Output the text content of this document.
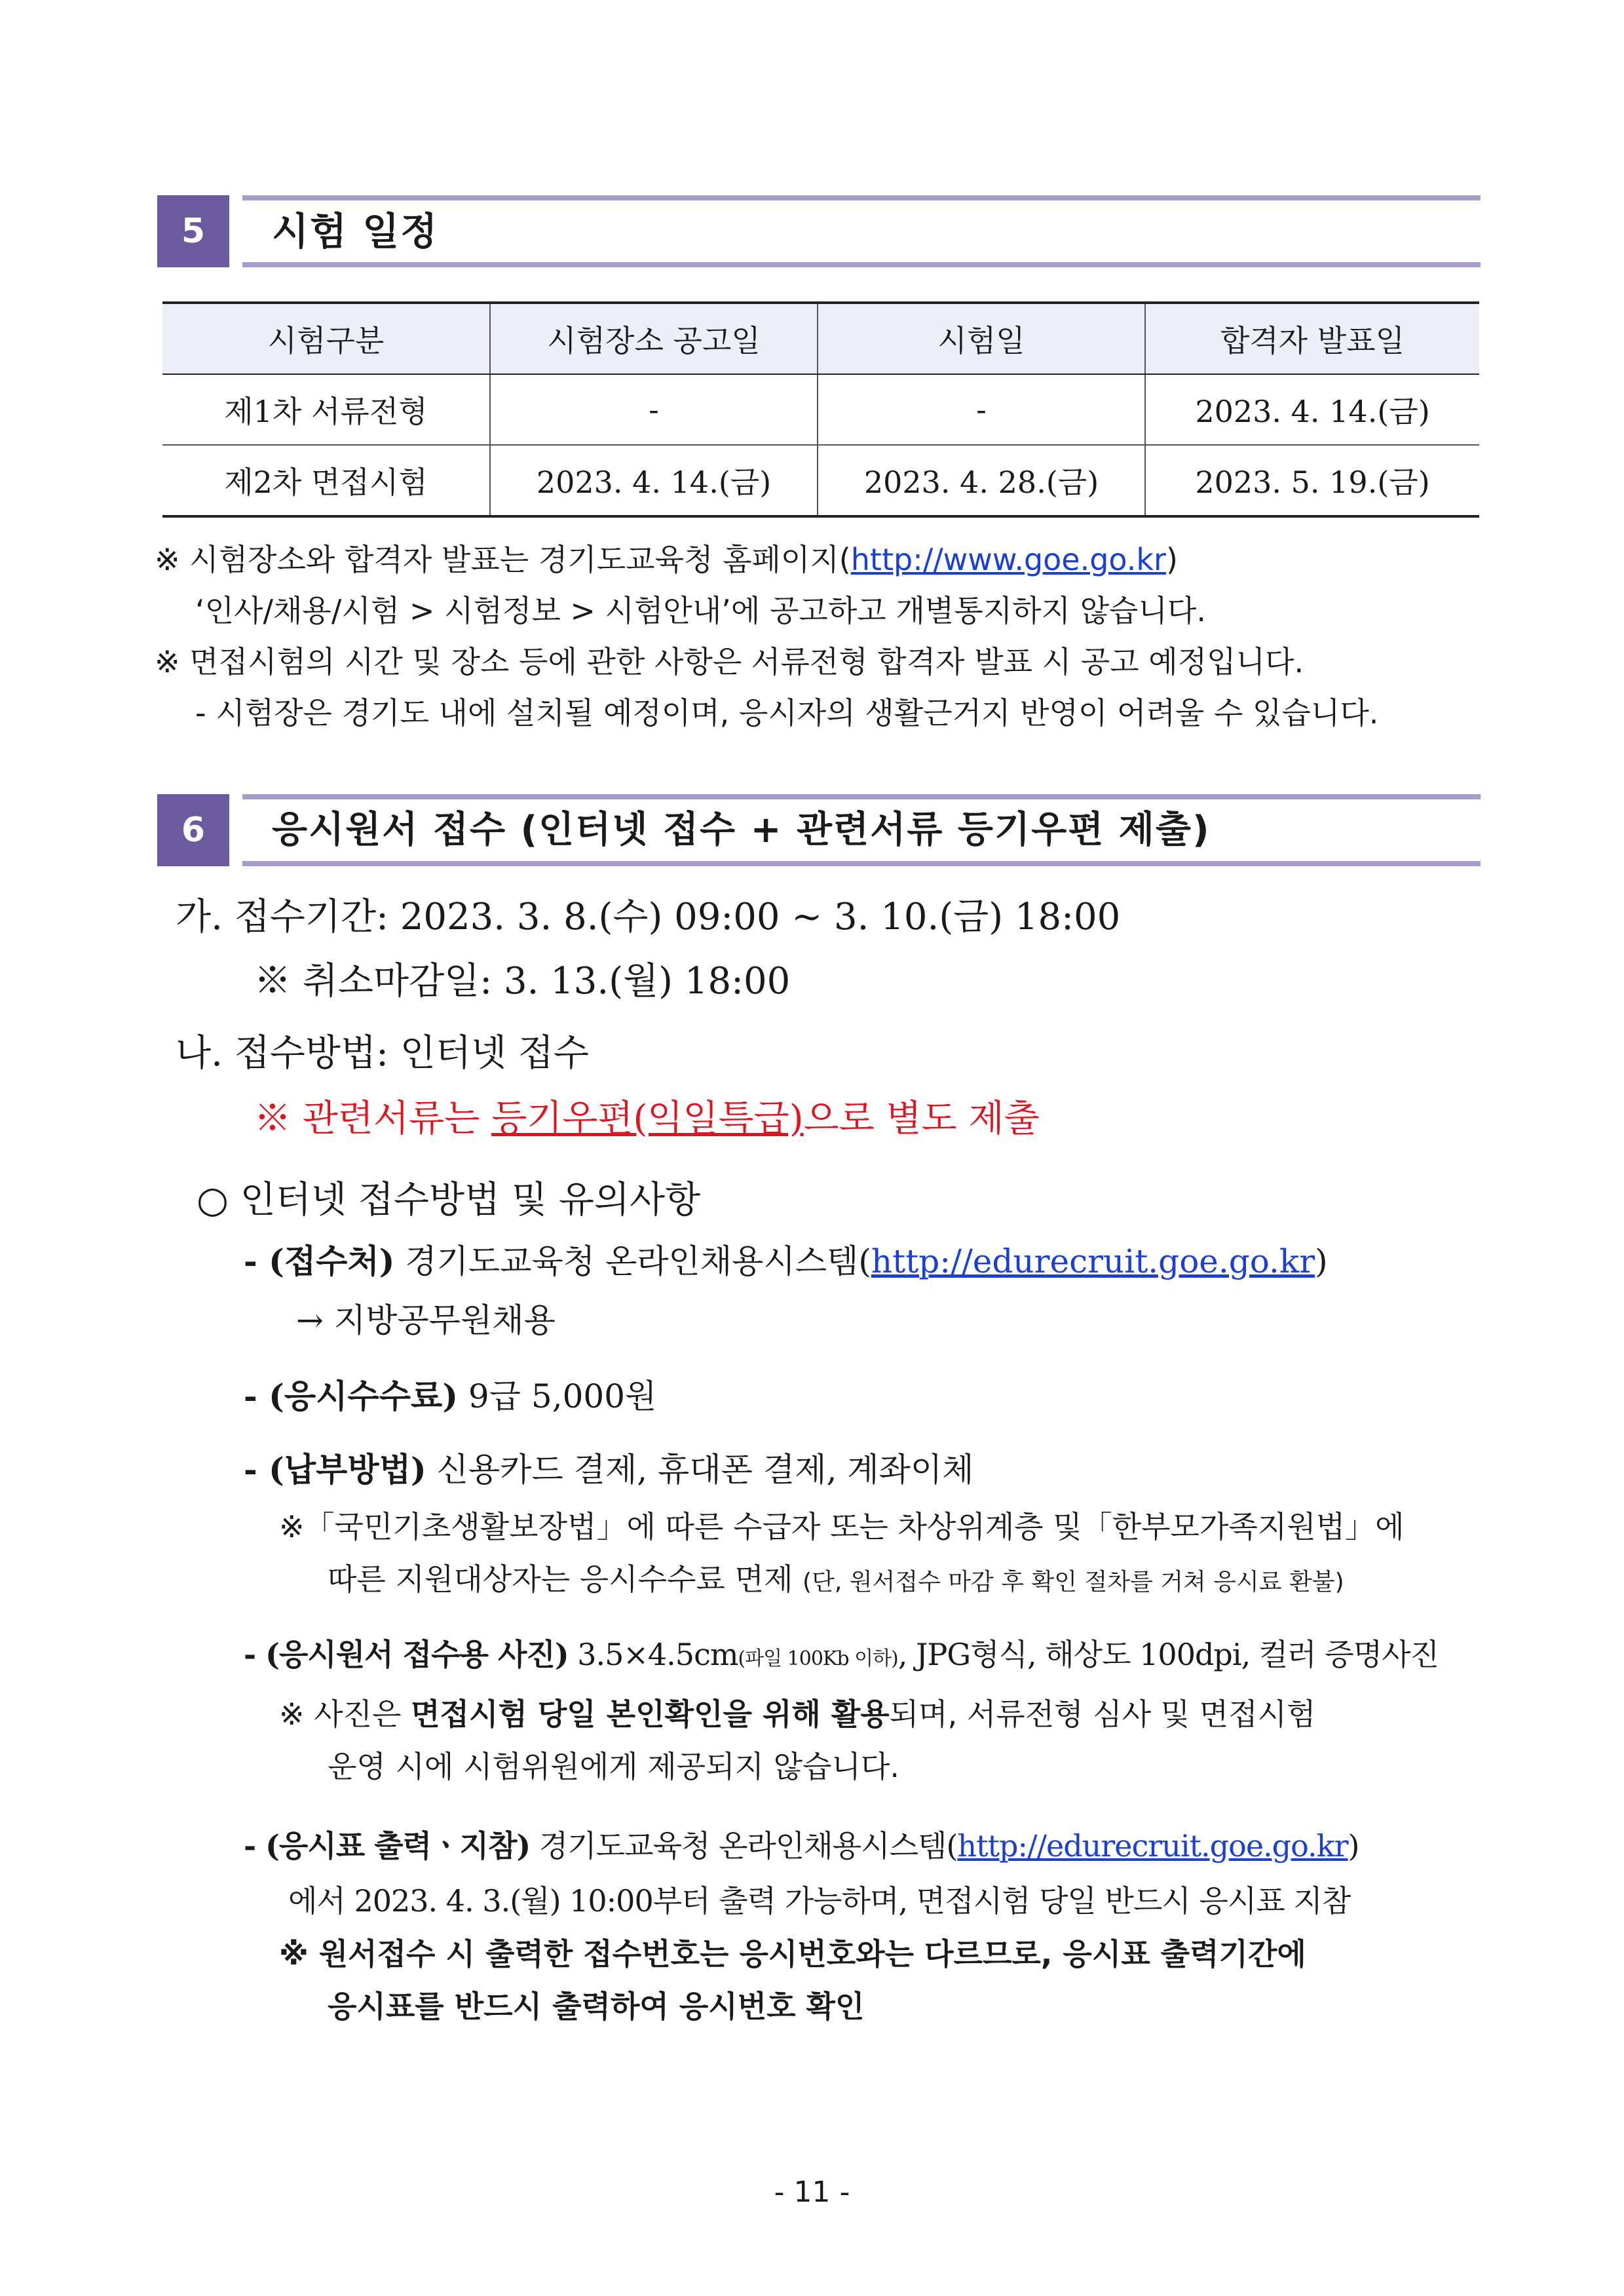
5	시험 일정
시험구분	시험장소 공고일	시험일	합격자 발표일
제1차 서류전형	-	-	2023. 4. 14.(금)
제2차 면접시험	2023. 4. 14.(금)	2023. 4. 28.(금)	2023. 5. 19.(금)
※ 시험장소와 합격자 발표는 경기도교육청 홈페이지(http://www.goe.go.kr)
‘인사/채용/시험 > 시험정보 > 시험안내’에 공고하고 개별통지하지 않습니다.
※ 면접시험의 시간 및 장소 등에 관한 사항은 서류전형 합격자 발표 시 공고 예정입니다.
- 시험장은 경기도 내에 설치될 예정이며, 응시자의 생활근거지 반영이 어려울 수 있습니다.
6	응시원서 접수 (인터넷 접수 + 관련서류 등기우편 제출)
가. 접수기간: 2023. 3. 8.(수) 09:00 ~ 3. 10.(금) 18:00
※ 취소마감일: 3. 13.(월) 18:00
나. 접수방법: 인터넷 접수
※ 관련서류는 등기우편(익일특급)으로 별도 제출
○ 인터넷 접수방법 및 유의사항
- (접수처) 경기도교육청 온라인채용시스템(http://edurecruit.goe.go.kr)
→ 지방공무원채용
- (응시수수료) 9급 5,000원
- (납부방법) 신용카드 결제, 휴대폰 결제, 계좌이체
※「국민기초생활보장법」에 따른 수급자 또는 차상위계층 및「한부모가족지원법」에
따른 지원대상자는 응시수수료 면제 (단, 원서접수 마감 후 확인 절차를 거쳐 응시료 환불)
- (응시원서 접수용 사진) 3.5×4.5cm(파일 100Kb 이하), JPG형식, 해상도 100dpi, 컬러 증명사진
※ 사진은 면접시험 당일 본인확인을 위해 활용되며, 서류전형 심사 및 면접시험
운영 시에 시험위원에게 제공되지 않습니다.
- (응시표 출력ㆍ지참) 경기도교육청 온라인채용시스템(http://edurecruit.goe.go.kr)
에서 2023. 4. 3.(월) 10:00부터 출력 가능하며, 면접시험 당일 반드시 응시표 지참
※ 원서접수 시 출력한 접수번호는 응시번호와는 다르므로, 응시표 출력기간에
응시표를 반드시 출력하여 응시번호 확인
- 11 -
